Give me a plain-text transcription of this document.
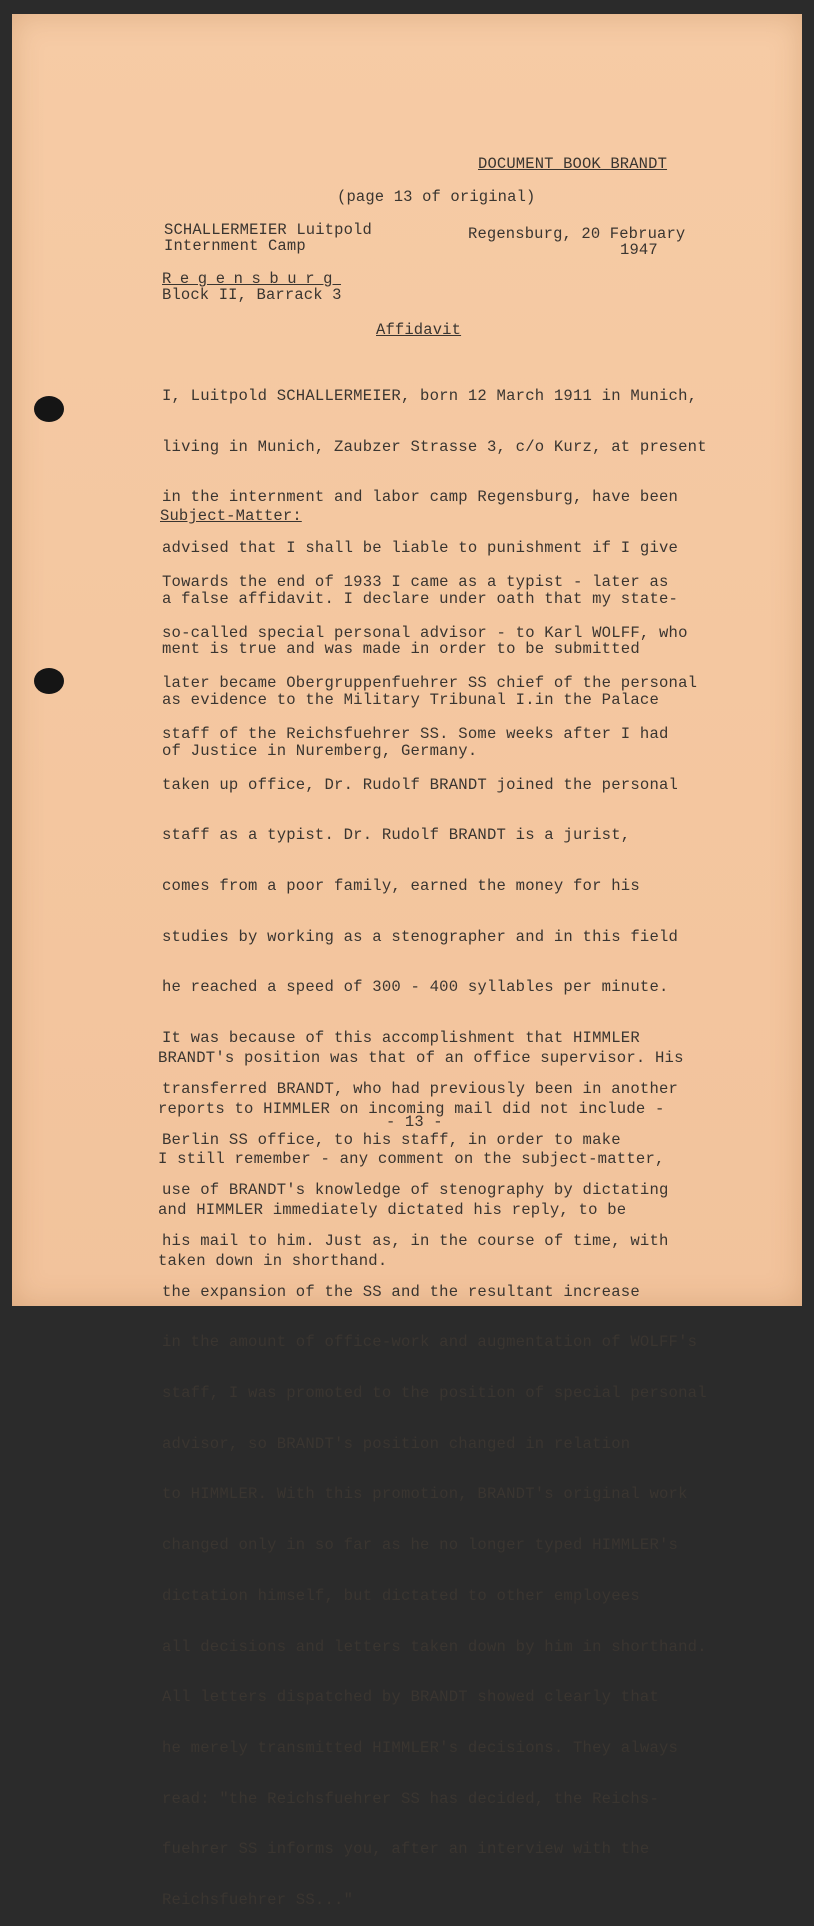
DOCUMENT BOOK BRANDT
(page 13 of original)
SCHALLERMEIER Luitpold
Internment Camp
Regensburg, 20 February
1947
Regensburg
Block II, Barrack 3
Affidavit

I, Luitpold SCHALLERMEIER, born 12 March 1911 in Munich,

living in Munich, Zaubzer Strasse 3, c/o Kurz, at present

in the internment and labor camp Regensburg, have been

advised that I shall be liable to punishment if I give

a false affidavit. I declare under oath that my state-

ment is true and was made in order to be submitted

as evidence to the Military Tribunal I.in the Palace

of Justice in Nuremberg, Germany.

Subject-Matter:

Towards the end of 1933 I came as a typist - later as

so-called special personal advisor - to Karl WOLFF, who

later became Obergruppenfuehrer SS chief of the personal

staff of the Reichsfuehrer SS. Some weeks after I had

taken up office, Dr. Rudolf BRANDT joined the personal

staff as a typist. Dr. Rudolf BRANDT is a jurist,

comes from a poor family, earned the money for his

studies by working as a stenographer and in this field

he reached a speed of 300 - 400 syllables per minute.

It was because of this accomplishment that HIMMLER

transferred BRANDT, who had previously been in another

Berlin SS office, to his staff, in order to make

use of BRANDT's knowledge of stenography by dictating

his mail to him. Just as, in the course of time, with

the expansion of the SS and the resultant increase

in the amount of office-work and augmentation of WOLFF's

staff, I was promoted to the position of special personal

advisor, so BRANDT's position changed in relation

to HIMMLER. With this promotion, BRANDT's original work

changed only in so far as he no longer typed HIMMLER's

dictation himself, but dictated to other employees

all decisions and letters taken down by him in shorthand.

All letters dispatched by BRANDT showed clearly that

he merely transmitted HIMMLER's decisions. They always

read: "the Reichsfuehrer SS has decided, the Reichs-

fuehrer SS informs you, after an interview with the

Reichsfuehrer SS..."

BRANDT's position was that of an office supervisor. His

reports to HIMMLER on incoming mail did not include -

I still remember - any comment on the subject-matter,

and HIMMLER immediately dictated his reply, to be

taken down in shorthand.

- 13 -
